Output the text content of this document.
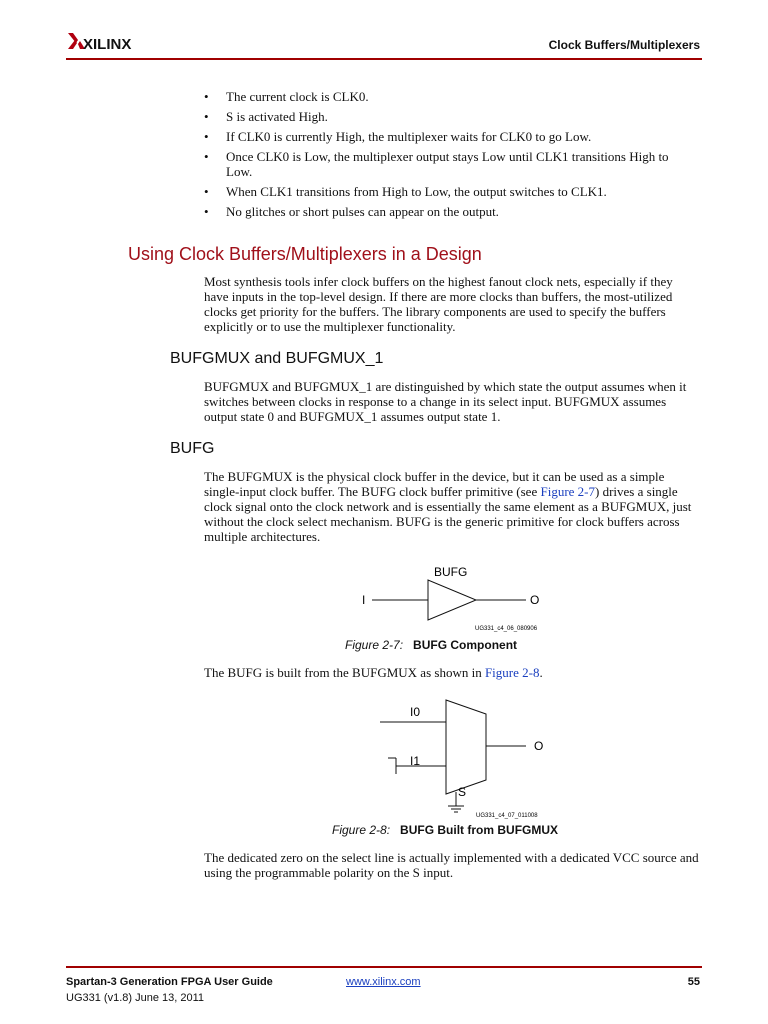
XILINX	Clock Buffers/Multiplexers
• The current clock is CLK0.
• S is activated High.
• If CLK0 is currently High, the multiplexer waits for CLK0 to go Low.
• Once CLK0 is Low, the multiplexer output stays Low until CLK1 transitions High to Low.
• When CLK1 transitions from High to Low, the output switches to CLK1.
• No glitches or short pulses can appear on the output.
Using Clock Buffers/Multiplexers in a Design
Most synthesis tools infer clock buffers on the highest fanout clock nets, especially if they have inputs in the top-level design. If there are more clocks than buffers, the most-utilized clocks get priority for the buffers. The library components are used to specify the buffers explicitly or to use the multiplexer functionality.
BUFGMUX and BUFGMUX_1
BUFGMUX and BUFGMUX_1 are distinguished by which state the output assumes when it switches between clocks in response to a change in its select input. BUFGMUX assumes output state 0 and BUFGMUX_1 assumes output state 1.
BUFG
The BUFGMUX is the physical clock buffer in the device, but it can be used as a simple single-input clock buffer. The BUFG clock buffer primitive (see Figure 2-7) drives a single clock signal onto the clock network and is essentially the same element as a BUFGMUX, just without the clock select mechanism. BUFG is the generic primitive for clock buffers across multiple architectures.
BUFG
I	O
UG331_c4_06_080906
Figure 2-7: BUFG Component
The BUFG is built from the BUFGMUX as shown in Figure 2-8.
I0
I1
S
O
UG331_c4_07_011008
Figure 2-8: BUFG Built from BUFGMUX
The dedicated zero on the select line is actually implemented with a dedicated VCC source and using the programmable polarity on the S input.
Spartan-3 Generation FPGA User Guide
UG331 (v1.8) June 13, 2011
www.xilinx.com	55
